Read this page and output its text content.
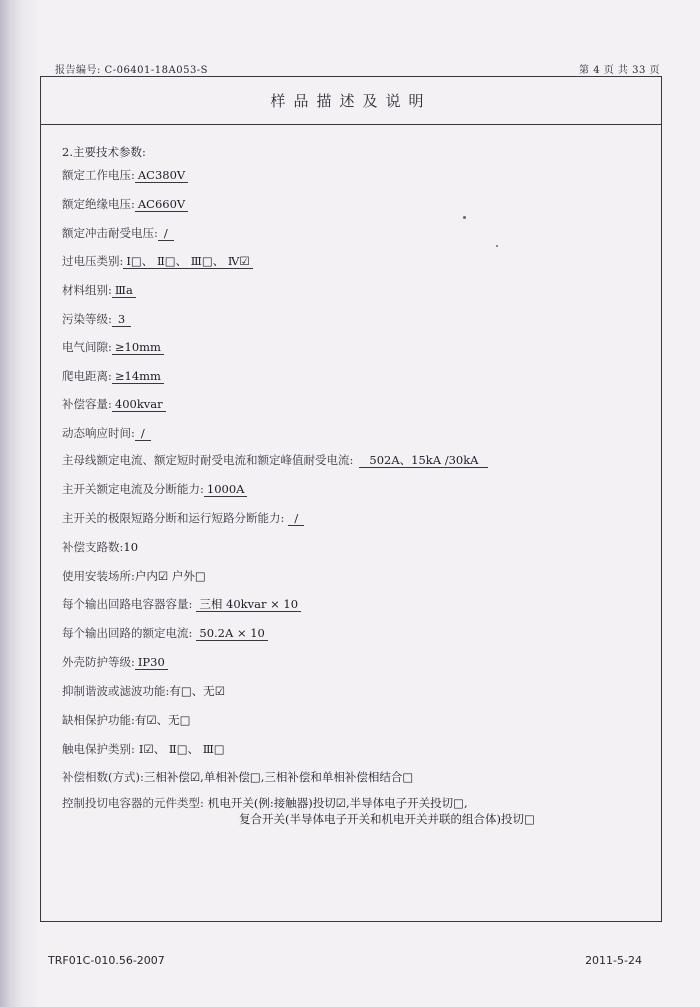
报告编号: C-06401-18A053-S	第 4 页 共 33 页
样品描述及说明
2.主要技术参数:
额定工作电压: AC380V
额定绝缘电压: AC660V
额定冲击耐受电压: /
过电压类别: Ⅰ□、 Ⅱ□、 Ⅲ□、 Ⅳ☑
材料组别: Ⅲa
污染等级: 3
电气间隙: ≥10mm
爬电距离: ≥14mm
补偿容量: 400kvar
动态响应时间: /
主母线额定电流、额定短时耐受电流和额定峰值耐受电流: 502A、15kA /30kA
主开关额定电流及分断能力: 1000A
主开关的极限短路分断和运行短路分断能力: /
补偿支路数:10
使用安装场所:户内☑ 户外□
每个输出回路电容器容量: 三相 40kvar × 10
每个输出回路的额定电流: 50.2A × 10
外壳防护等级: IP30
抑制谐波或滤波功能:有□、无☑
缺相保护功能:有☑、无□
触电保护类别: Ⅰ☑、 Ⅱ□、 Ⅲ□
补偿相数(方式):三相补偿☑,单相补偿□,三相补偿和单相补偿相结合□
控制投切电容器的元件类型: 机电开关(例:接触器)投切☑,半导体电子开关投切□,
复合开关(半导体电子开关和机电开关并联的组合体)投切□
TRF01C-010.56-2007	2011-5-24
